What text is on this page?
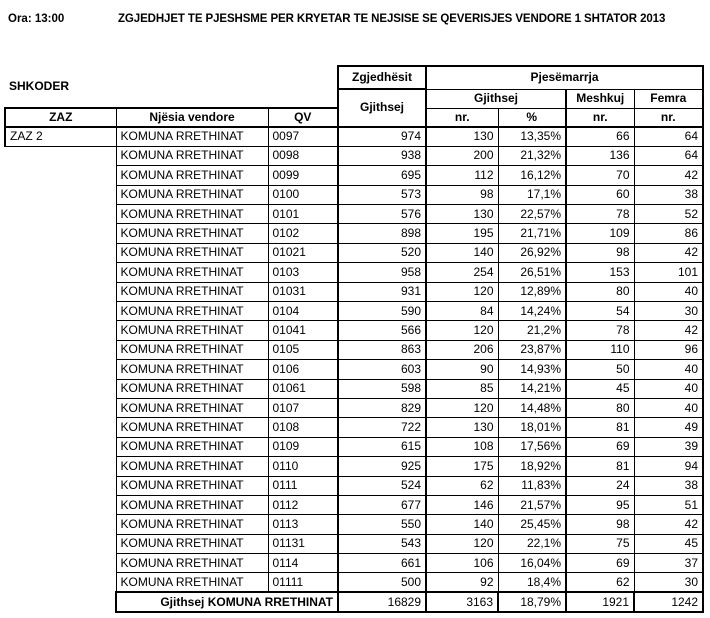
Ora: 13:00	ZGJEDHJET TE PJESHSME PER KRYETAR TE NEJSISE SE QEVERISJES VENDORE 1 SHTATOR 2013
SHKODER			Zgjedhësit	Pjesëmarrja			
			Gjithsej	Gjithsej		Meshkuj	Femra
ZAZ	Njësia vendore	QV		nr.	%	nr.	nr.
ZAZ 2	KOMUNA RRETHINAT	0097	974	130	13,35%	66	64
	KOMUNA RRETHINAT	0098	938	200	21,32%	136	64
	KOMUNA RRETHINAT	0099	695	112	16,12%	70	42
	KOMUNA RRETHINAT	0100	573	98	17,1%	60	38
	KOMUNA RRETHINAT	0101	576	130	22,57%	78	52
	KOMUNA RRETHINAT	0102	898	195	21,71%	109	86
	KOMUNA RRETHINAT	01021	520	140	26,92%	98	42
	KOMUNA RRETHINAT	0103	958	254	26,51%	153	101
	KOMUNA RRETHINAT	01031	931	120	12,89%	80	40
	KOMUNA RRETHINAT	0104	590	84	14,24%	54	30
	KOMUNA RRETHINAT	01041	566	120	21,2%	78	42
	KOMUNA RRETHINAT	0105	863	206	23,87%	110	96
	KOMUNA RRETHINAT	0106	603	90	14,93%	50	40
	KOMUNA RRETHINAT	01061	598	85	14,21%	45	40
	KOMUNA RRETHINAT	0107	829	120	14,48%	80	40
	KOMUNA RRETHINAT	0108	722	130	18,01%	81	49
	KOMUNA RRETHINAT	0109	615	108	17,56%	69	39
	KOMUNA RRETHINAT	0110	925	175	18,92%	81	94
	KOMUNA RRETHINAT	0111	524	62	11,83%	24	38
	KOMUNA RRETHINAT	0112	677	146	21,57%	95	51
	KOMUNA RRETHINAT	0113	550	140	25,45%	98	42
	KOMUNA RRETHINAT	01131	543	120	22,1%	75	45
	KOMUNA RRETHINAT	0114	661	106	16,04%	69	37
	KOMUNA RRETHINAT	01111	500	92	18,4%	62	30
	Gjithsej KOMUNA RRETHINAT		16829	3163	18,79%	1921	1242
